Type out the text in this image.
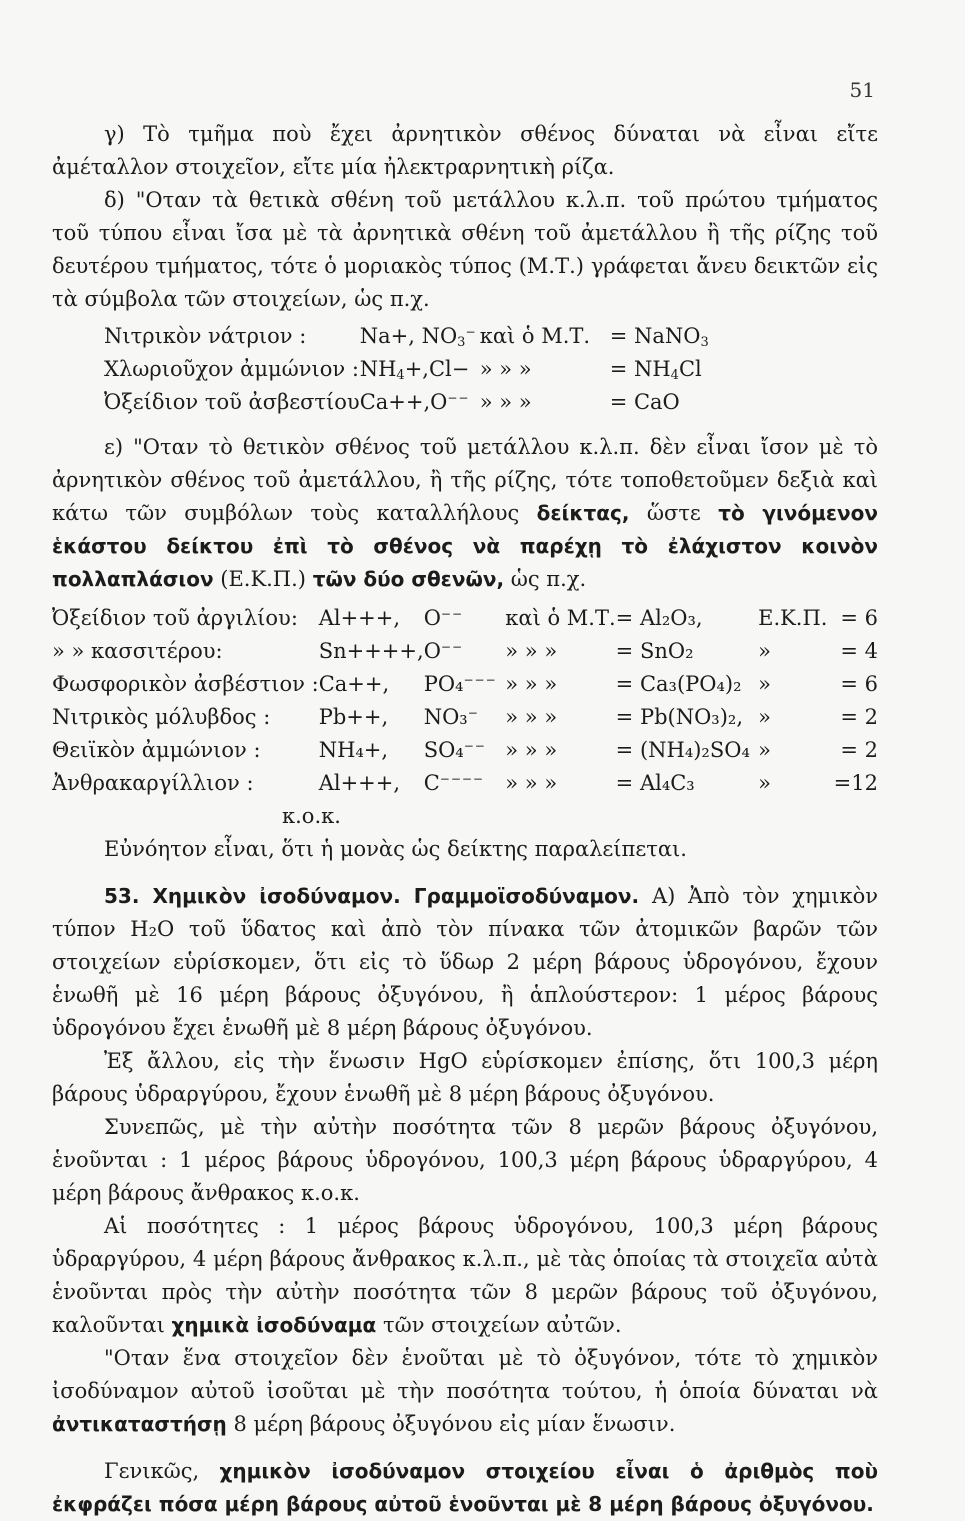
51

γ) Τὸ τμῆμα ποὺ ἔχει ἀρνητικὸν σθένος δύναται νὰ εἶναι εἴτε ἀμέταλλον στοιχεῖον, εἴτε μία ἠλεκτραρνητικὴ ρίζα.

δ) "Οταν τὰ θετικὰ σθένη τοῦ μετάλλου κ.λ.π. τοῦ πρώτου τμήματος τοῦ τύπου εἶναι ἴσα μὲ τὰ ἀρνητικὰ σθένη τοῦ ἀμετάλλου ἢ τῆς ρίζης τοῦ δευτέρου τμήματος, τότε ὁ μοριακὸς τύπος (Μ.Τ.) γράφεται ἄνευ δεικτῶν εἰς τὰ σύμβολα τῶν στοιχείων, ὡς π.χ.

Νιτρικὸν νάτριον :	Na+, $NO_3^-$	καὶ ὁ Μ.Τ.	= NaNO$_3$
Χλωριοῦχον ἀμμώνιον :	$NH_4+,Cl-$	» » »	= $NH_4Cl$
Ὀξείδιον τοῦ ἀσβεστίου	Ca++,O−−	» » »	= CaO

ε) "Οταν τὸ θετικὸν σθένος τοῦ μετάλλου κ.λ.π. δὲν εἶναι ἴσον μὲ τὸ ἀρνητικὸν σθένος τοῦ ἀμετάλλου, ἢ τῆς ρίζης, τότε τοποθετοῦμεν δεξιὰ καὶ κάτω τῶν συμβόλων τοὺς καταλλήλους δείκτας, ὥστε τὸ γινόμενον ἑκάστου δείκτου ἐπὶ τὸ σθένος νὰ παρέχῃ τὸ ἐλάχιστον κοινὸν πολλαπλάσιον (Ε.Κ.Π.) τῶν δύο σθενῶν, ὡς π.χ.

Ὀξείδιον τοῦ ἀργιλίου:	Al+++,	O−−	καὶ ὁ Μ.Τ.	= Al₂O₃,	Ε.Κ.Π.	= 6
» » κασσιτέρου:	Sn++++,	O−−	» » »	= SnO₂	»	= 4
Φωσφορικὸν ἀσβέστιον :	Ca++,	PO₄−−−	» » »	= Ca₃(PO₄)₂	»	= 6
Νιτρικὸς μόλυβδος :	Pb++,	NO₃−	» » »	= Pb(NO₃)₂,	»	= 2
Θειϊκὸν ἀμμώνιον :	NH₄+,	SO₄−−	» » »	= (NH₄)₂SO₄	»	= 2
Ἀνθρακαργίλλιον :	Al+++,	C−−−−	» » »	= Al₄C₃	»	=12
κ.ο.κ.

Εὐνόητον εἶναι, ὅτι ἡ μονὰς ὡς δείκτης παραλείπεται.

53. Χημικὸν ἰσοδύναμον. Γραμμοϊσοδύναμον. Α) Ἀπὸ τὸν χημικὸν τύπον H₂O τοῦ ὕδατος καὶ ἀπὸ τὸν πίνακα τῶν ἀτομικῶν βαρῶν τῶν στοιχείων εὑρίσκομεν, ὅτι εἰς τὸ ὕδωρ 2 μέρη βάρους ὑδρογόνου, ἔχουν ἑνωθῆ μὲ 16 μέρη βάρους ὀξυγόνου, ἢ ἁπλούστερον: 1 μέρος βάρους ὑδρογόνου ἔχει ἑνωθῆ μὲ 8 μέρη βάρους ὀξυγόνου.

Ἐξ ἄλλου, εἰς τὴν ἕνωσιν HgO εὑρίσκομεν ἐπίσης, ὅτι 100,3 μέρη βάρους ὑδραργύρου, ἔχουν ἑνωθῆ μὲ 8 μέρη βάρους ὀξυγόνου.

Συνεπῶς, μὲ τὴν αὐτὴν ποσότητα τῶν 8 μερῶν βάρους ὀξυγόνου, ἑνοῦνται : 1 μέρος βάρους ὑδρογόνου, 100,3 μέρη βάρους ὑδραργύρου, 4 μέρη βάρους ἄνθρακος κ.ο.κ.

Αἱ ποσότητες : 1 μέρος βάρους ὑδρογόνου, 100,3 μέρη βάρους ὑδραργύρου, 4 μέρη βάρους ἄνθρακος κ.λ.π., μὲ τὰς ὁποίας τὰ στοιχεῖα αὐτὰ ἑνοῦνται πρὸς τὴν αὐτὴν ποσότητα τῶν 8 μερῶν βάρους τοῦ ὀξυγόνου, καλοῦνται χημικὰ ἰσοδύναμα τῶν στοιχείων αὐτῶν.

"Οταν ἕνα στοιχεῖον δὲν ἑνοῦται μὲ τὸ ὀξυγόνον, τότε τὸ χημικὸν ἰσοδύναμον αὐτοῦ ἰσοῦται μὲ τὴν ποσότητα τούτου, ἡ ὁποία δύναται νὰ ἀντικαταστήσῃ 8 μέρη βάρους ὀξυγόνου εἰς μίαν ἕνωσιν.

Γενικῶς, χημικὸν ἰσοδύναμον στοιχείου εἶναι ὁ ἀριθμὸς ποὺ ἐκφράζει πόσα μέρη βάρους αὐτοῦ ἑνοῦνται μὲ 8 μέρη βάρους ὀξυγόνου.
